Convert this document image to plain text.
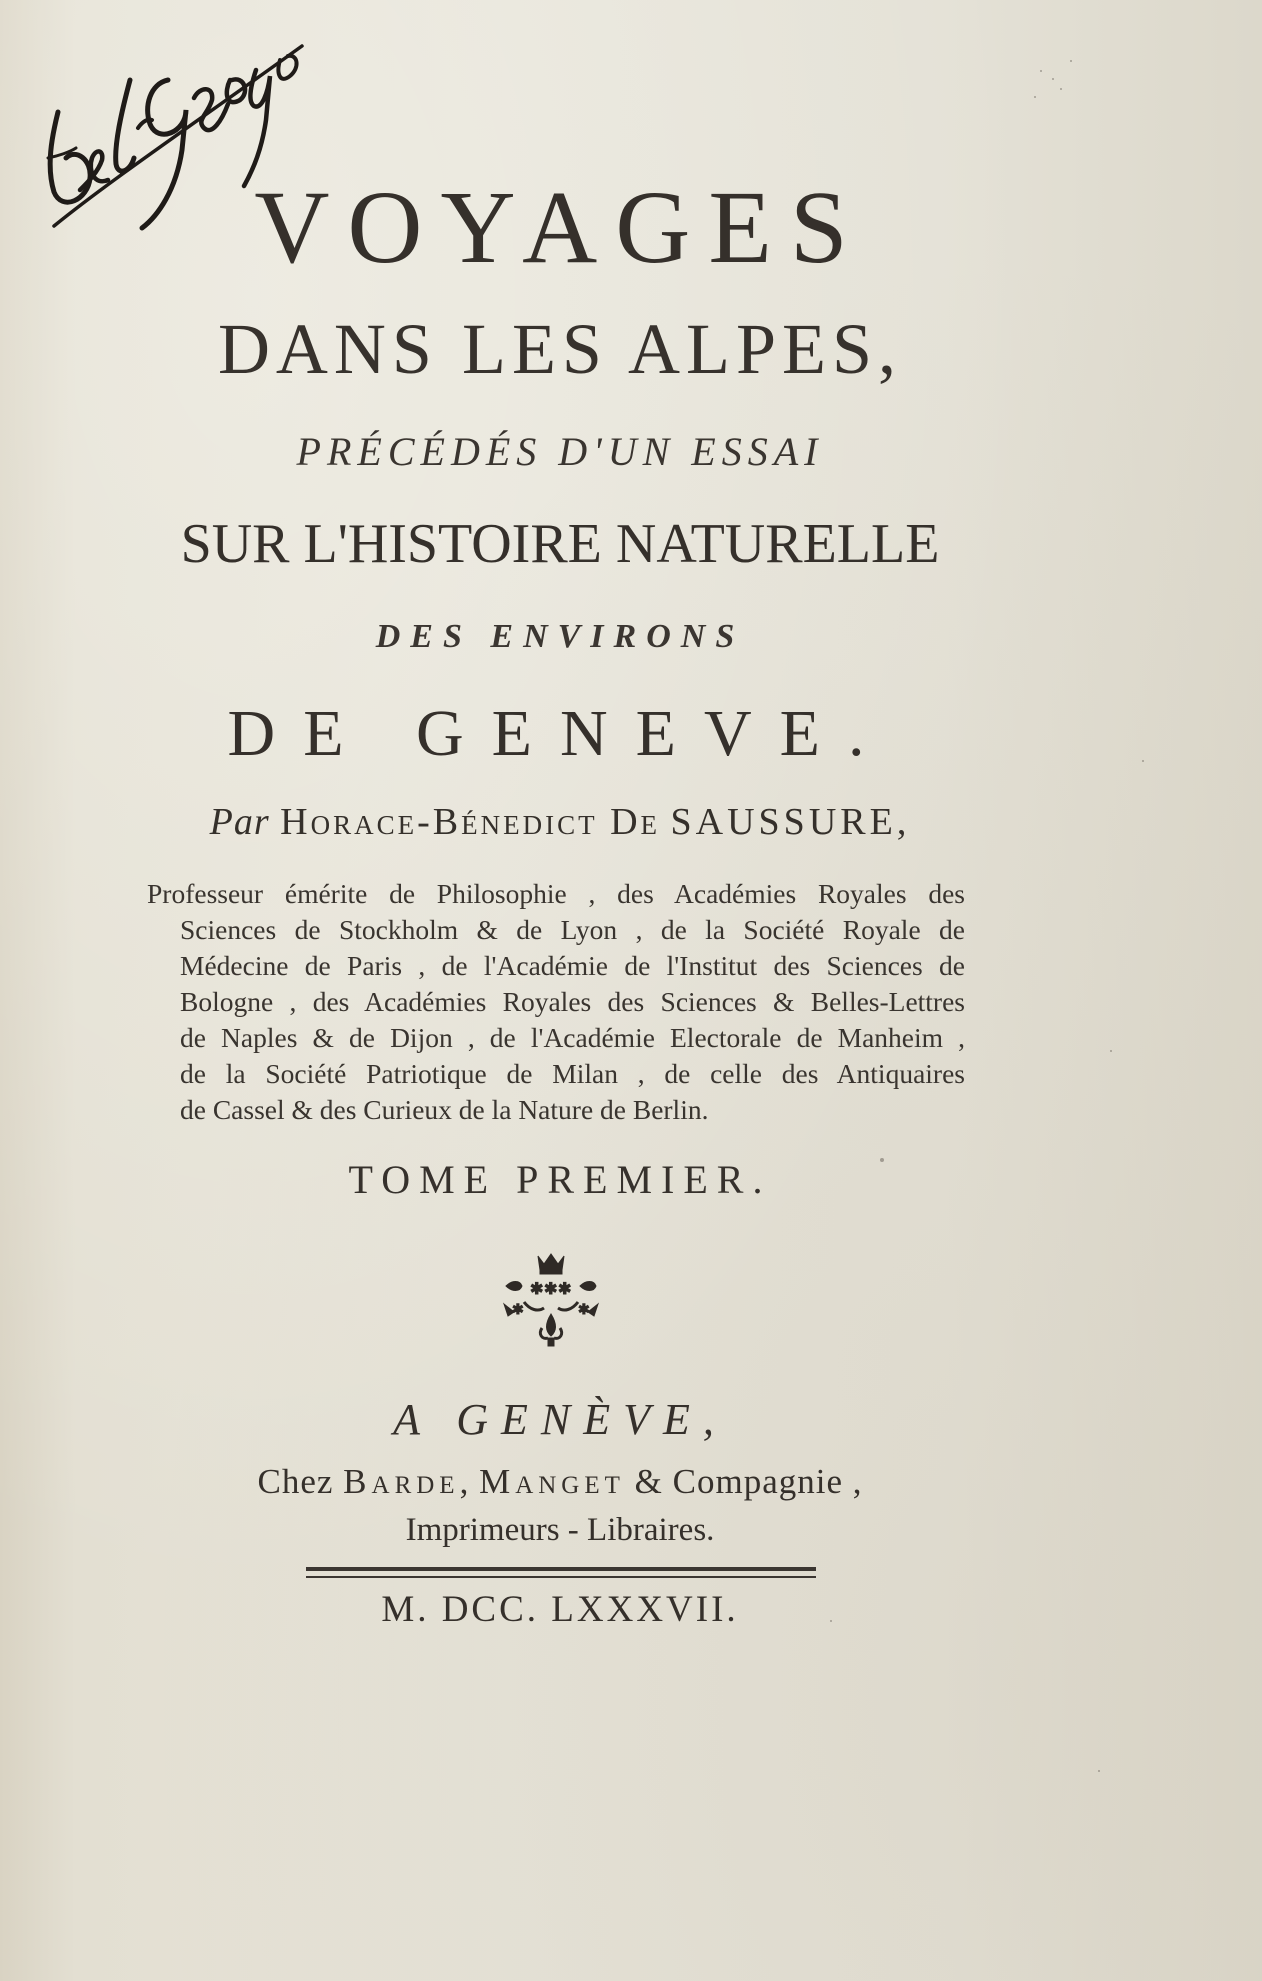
VOYAGES
DANS LES ALPES,
PRÉCÉDÉS D'UN ESSAI
SUR L'HISTOIRE NATURELLE
DES ENVIRONS
DE GENEVE.
Par Horace-Bénedict De SAUSSURE,
Professeur émérite de Philosophie , des Académies Royales des
Sciences de Stockholm & de Lyon , de la Société Royale de
Médecine de Paris , de l'Académie de l'Institut des Sciences de
Bologne , des Académies Royales des Sciences & Belles-Lettres
de Naples & de Dijon , de l'Académie Electorale de Manheim ,
de la Société Patriotique de Milan , de celle des Antiquaires
de Cassel & des Curieux de la Nature de Berlin.
TOME PREMIER.
✱ ✱ ✱
✱	✱
A GENÈVE,
Chez Barde, Manget & Compagnie ,
Imprimeurs - Libraires.
M. DCC. LXXXVII.
